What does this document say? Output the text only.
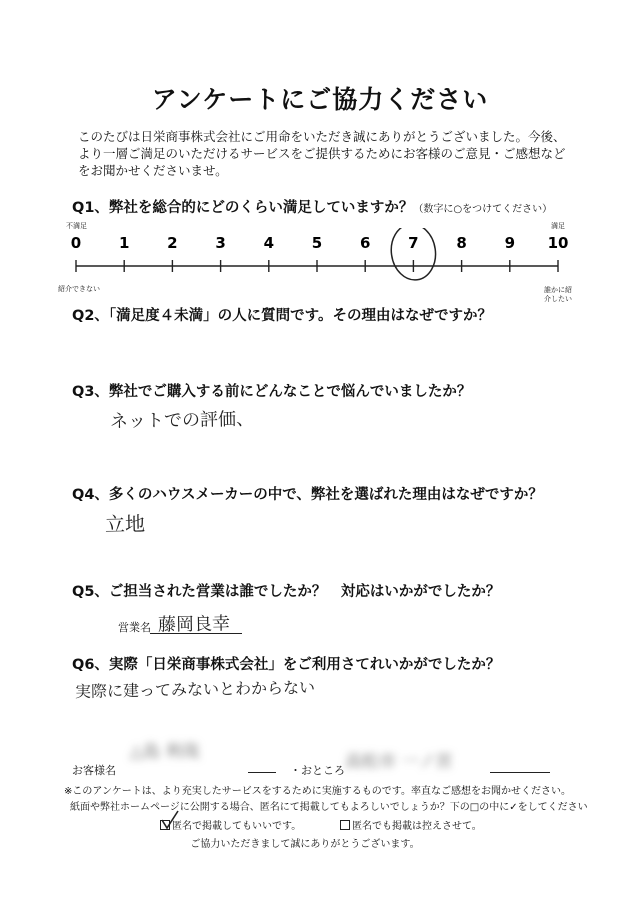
アンケートにご協力ください
このたびは日栄商事株式会社にご用命をいただき誠にありがとうございました。今後、
より一層ご満足のいただけるサービスをご提供するためにお客様のご意見・ご感想など
をお聞かせくださいませ。
Q1、弊社を総合的にどのくらい満足していますか？（数字に○をつけてください）
不満足	満足
紹介できない	誰かに紹介したい
0	1	2	3	4	5	6	7	8	9 10
Q2、「満足度４未満」の人に質問です。その理由はなぜですか？
Q3、弊社でご購入する前にどんなことで悩んでいましたか？
ネットでの評価、
Q4、多くのハウスメーカーの中で、弊社を選ばれた理由はなぜですか？
立地
Q5、ご担当された営業は誰でしたか？　対応はいかがでしたか？
営業名 藤岡良幸
Q6、実際「日栄商事株式会社」をご利用さてれいかがでしたか？
実際に建ってみないとわからない
お客様名
△島 利哉
・おところ 高松市 一ノ宮
※このアンケートは、より充実したサービスをするために実施するものです。率直なご感想をお聞かせください。
紙面や弊社ホームページに公開する場合、匿名にて掲載してもよろしいでしょうか？下の□の中に✓をしてください
匿名で掲載してもいいです。	匿名でも掲載は控えさせて。
ご協力いただきまして誠にありがとうございます。
